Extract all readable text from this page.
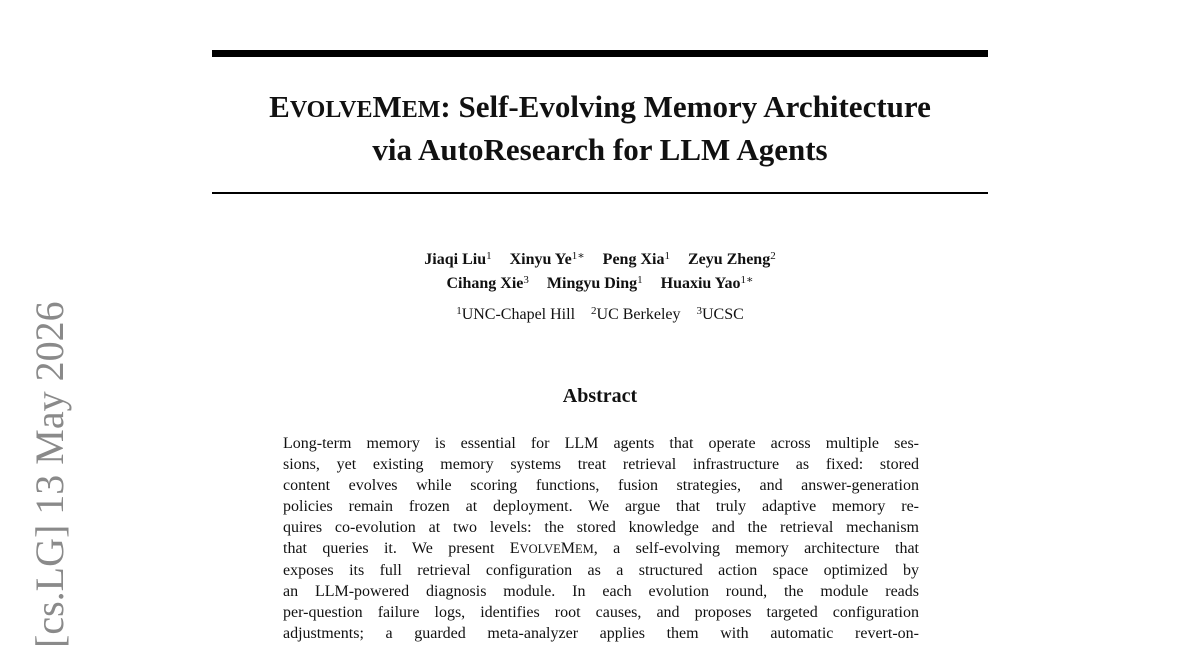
EVOLVEMEM: Self-Evolving Memory Architecture
via AutoResearch for LLM Agents
Jiaqi Liu$^1$ Xinyu $Ye^{1∗}$ Peng Xia$^1$ Zeyu Zheng$^2$
Cihang Xie$^3$ Mingyu Ding$^1$ Huaxiu Yao$^{1∗}$
$^1$UNC-Chapel Hill $^2$UC Berkeley $^3$UCSC
Abstract
Long-term memory is essential for LLM agents that operate across multiple ses-
sions, yet existing memory systems treat retrieval infrastructure as fixed: stored
content evolves while scoring functions, fusion strategies, and answer-generation
policies remain frozen at deployment. We argue that truly adaptive memory re-
quires co-evolution at two levels: the stored knowledge and the retrieval mechanism
that queries it. We present EVOLVEMEM, a self-evolving memory architecture that
exposes its full retrieval configuration as a structured action space optimized by
an LLM-powered diagnosis module. In each evolution round, the module reads
per-question failure logs, identifies root causes, and proposes targeted configuration
adjustments; a guarded meta-analyzer applies them with automatic revert-on-
[cs.LG] 13 May 2026
